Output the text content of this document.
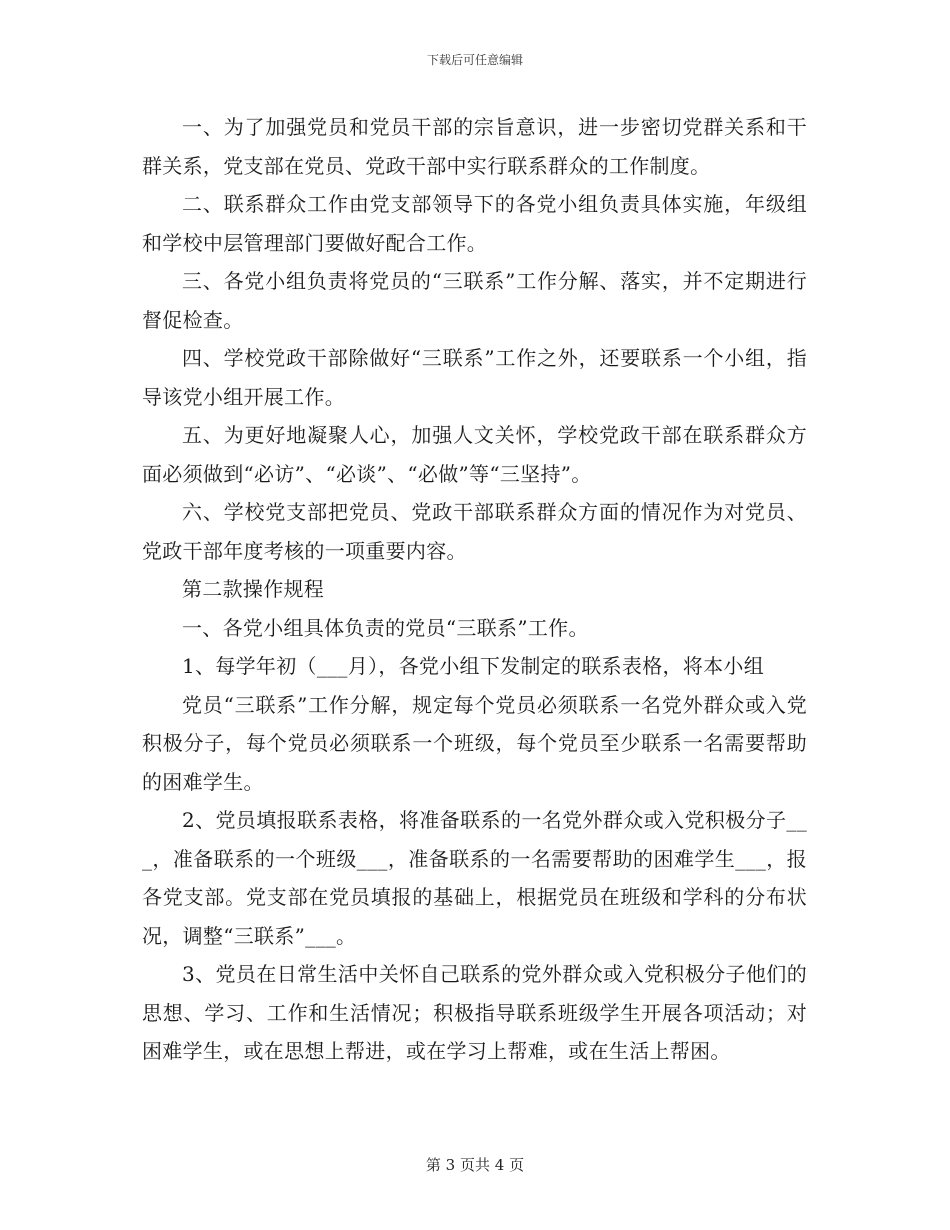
下载后可任意编辑

一、为了加强党员和党员干部的宗旨意识，进一步密切党群关系和干群关系，党支部在党员、党政干部中实行联系群众的工作制度。

二、联系群众工作由党支部领导下的各党小组负责具体实施，年级组和学校中层管理部门要做好配合工作。

三、各党小组负责将党员的“三联系”工作分解、落实，并不定期进行督促检查。

四、学校党政干部除做好“三联系”工作之外，还要联系一个小组，指导该党小组开展工作。

五、为更好地凝聚人心，加强人文关怀，学校党政干部在联系群众方面必须做到“必访”、“必谈”、“必做”等“三坚持”。

六、学校党支部把党员、党政干部联系群众方面的情况作为对党员、党政干部年度考核的一项重要内容。

第二款操作规程

一、各党小组具体负责的党员“三联系”工作。

1、每学年初（___月），各党小组下发制定的联系表格，将本小组

党员“三联系”工作分解，规定每个党员必须联系一名党外群众或入党积极分子，每个党员必须联系一个班级，每个党员至少联系一名需要帮助的困难学生。

2、党员填报联系表格，将准备联系的一名党外群众或入党积极分子___，准备联系的一个班级___，准备联系的一名需要帮助的困难学生___，报各党支部。党支部在党员填报的基础上，根据党员在班级和学科的分布状况，调整“三联系”___。

3、党员在日常生活中关怀自己联系的党外群众或入党积极分子他们的思想、学习、工作和生活情况；积极指导联系班级学生开展各项活动；对困难学生，或在思想上帮进，或在学习上帮难，或在生活上帮困。

第 3 页共 4 页
